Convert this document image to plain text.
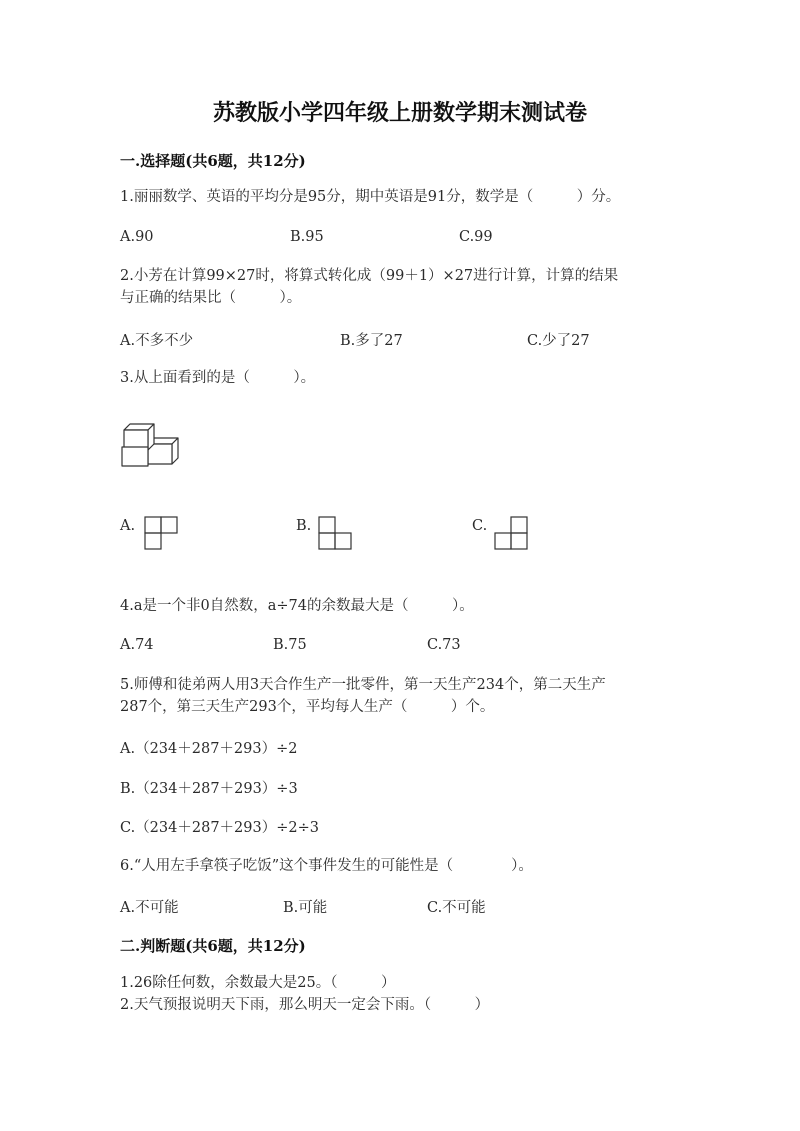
苏教版小学四年级上册数学期末测试卷
一.选择题(共6题，共12分)
1.丽丽数学、英语的平均分是95分，期中英语是91分，数学是（　　　）分。
A.90	B.95	C.99
2.小芳在计算99×27时，将算式转化成（99＋1）×27进行计算，计算的结果
与正确的结果比（　　　）。
A.不多不少	B.多了27	C.少了27
3.从上面看到的是（　　　）。
A.	B.	C.
4.a是一个非0自然数，a÷74的余数最大是（　　　）。
A.74	B.75	C.73
5.师傅和徒弟两人用3天合作生产一批零件，第一天生产234个，第二天生产
287个，第三天生产293个，平均每人生产（　　　）个。
A.（234＋287＋293）÷2
B.（234＋287＋293）÷3
C.（234＋287＋293）÷2÷3
6.“人用左手拿筷子吃饭”这个事件发生的可能性是（　　　　）。
A.不可能	B.可能	C.不可能
二.判断题(共6题，共12分)
1.26除任何数，余数最大是25。（　　　）
2.天气预报说明天下雨，那么明天一定会下雨。（　　　）
